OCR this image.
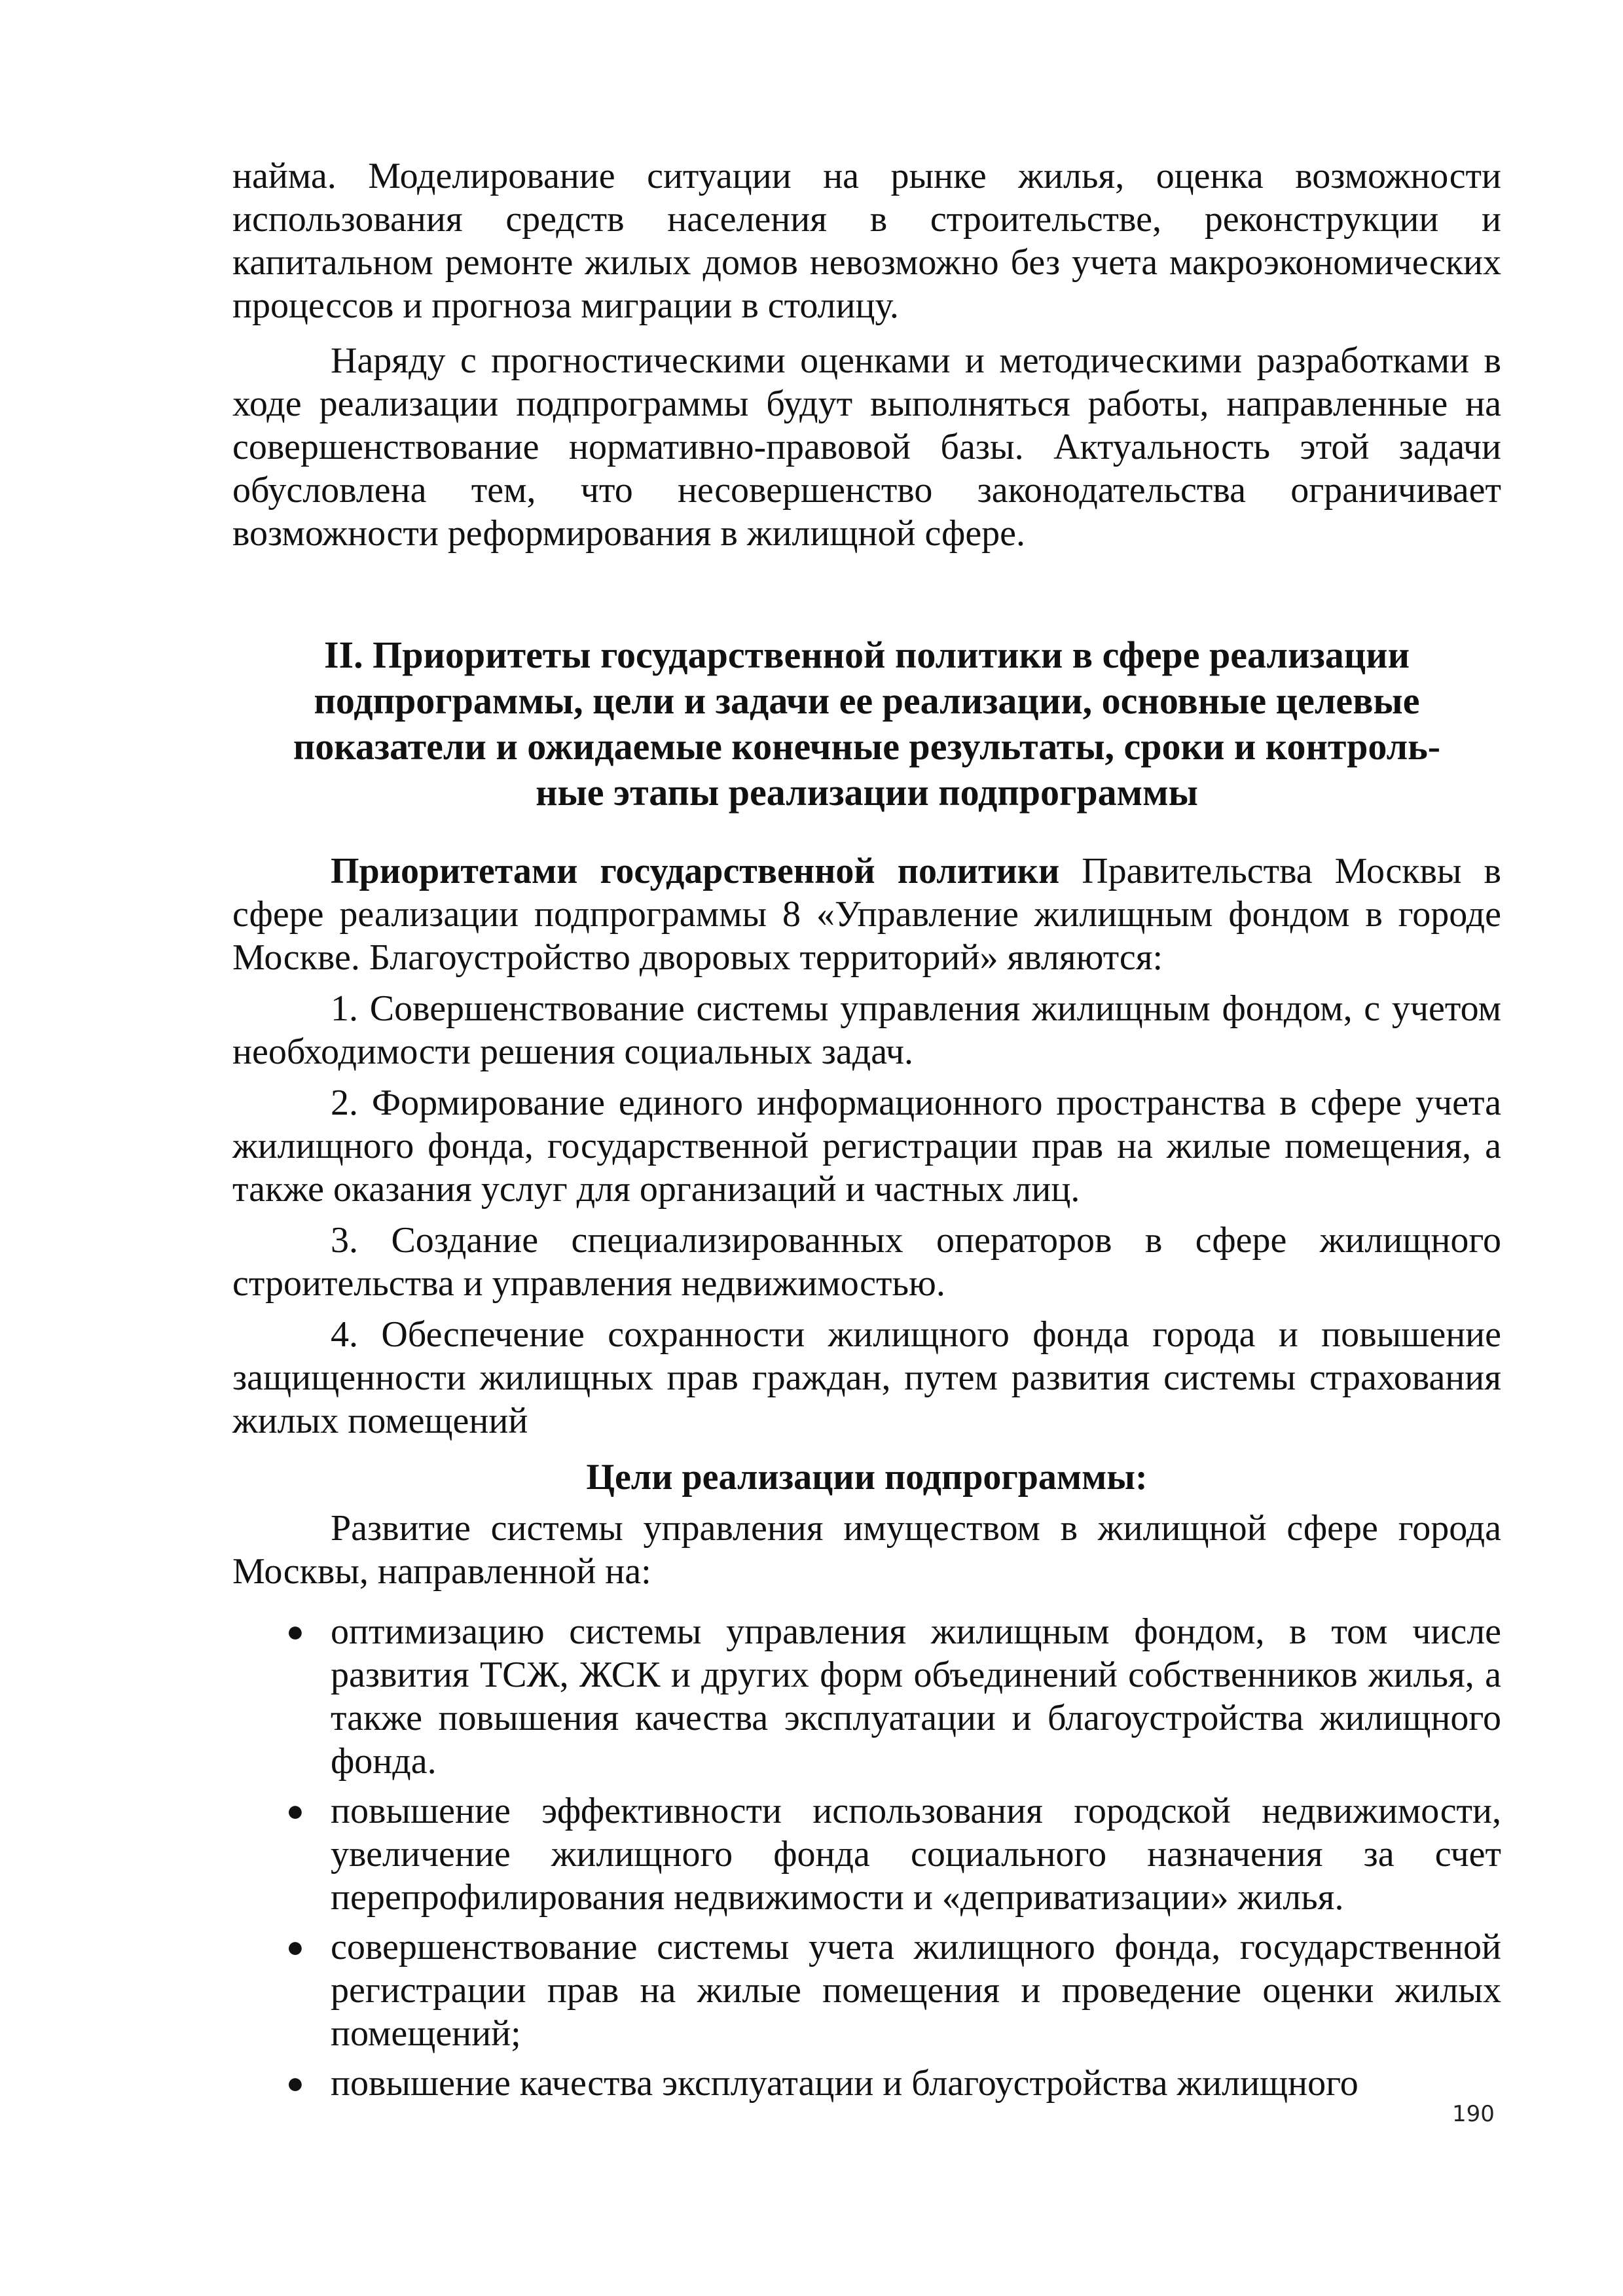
найма. Моделирование ситуации на рынке жилья, оценка возможности использования средств населения в строительстве, реконструкции и капитальном ремонте жилых домов невозможно без учета макроэкономических процессов и прогноза миграции в столицу.

Наряду с прогностическими оценками и методическими разработками в ходе реализации подпрограммы будут выполняться работы, направленные на совершенствование нормативно-правовой базы. Актуальность этой задачи обусловлена тем, что несовершенство законодательства ограничивает возможности реформирования в жилищной сфере.

II. Приоритеты государственной политики в сфере реализации
подпрограммы, цели и задачи ее реализации, основные целевые
показатели и ожидаемые конечные результаты, сроки и контроль-
ные этапы реализации подпрограммы

Приоритетами государственной политики Правительства Москвы в сфере реализации подпрограммы 8 «Управление жилищным фондом в городе Москве. Благоустройство дворовых территорий» являются:

1. Совершенствование системы управления жилищным фондом, с учетом необходимости решения социальных задач.

2. Формирование единого информационного пространства в сфере учета жилищного фонда, государственной регистрации прав на жилые помещения, а также оказания услуг для организаций и частных лиц.

3. Создание специализированных операторов в сфере жилищного строительства и управления недвижимостью.

4. Обеспечение сохранности жилищного фонда города и повышение защищенности жилищных прав граждан, путем развития системы страхования жилых помещений

Цели реализации подпрограммы:

Развитие системы управления имуществом в жилищной сфере города Москвы, направленной на:

● оптимизацию системы управления жилищным фондом, в том числе развития ТСЖ, ЖСК и других форм объединений собственников жилья, а также повышения качества эксплуатации и благоустройства жилищного фонда.
● повышение эффективности использования городской недвижимости, увеличение жилищного фонда социального назначения за счет перепрофилирования недвижимости и «деприватизации» жилья.
● совершенствование системы учета жилищного фонда, государственной регистрации прав на жилые помещения и проведение оценки жилых помещений;
● повышение качества эксплуатации и благоустройства жилищного
190
